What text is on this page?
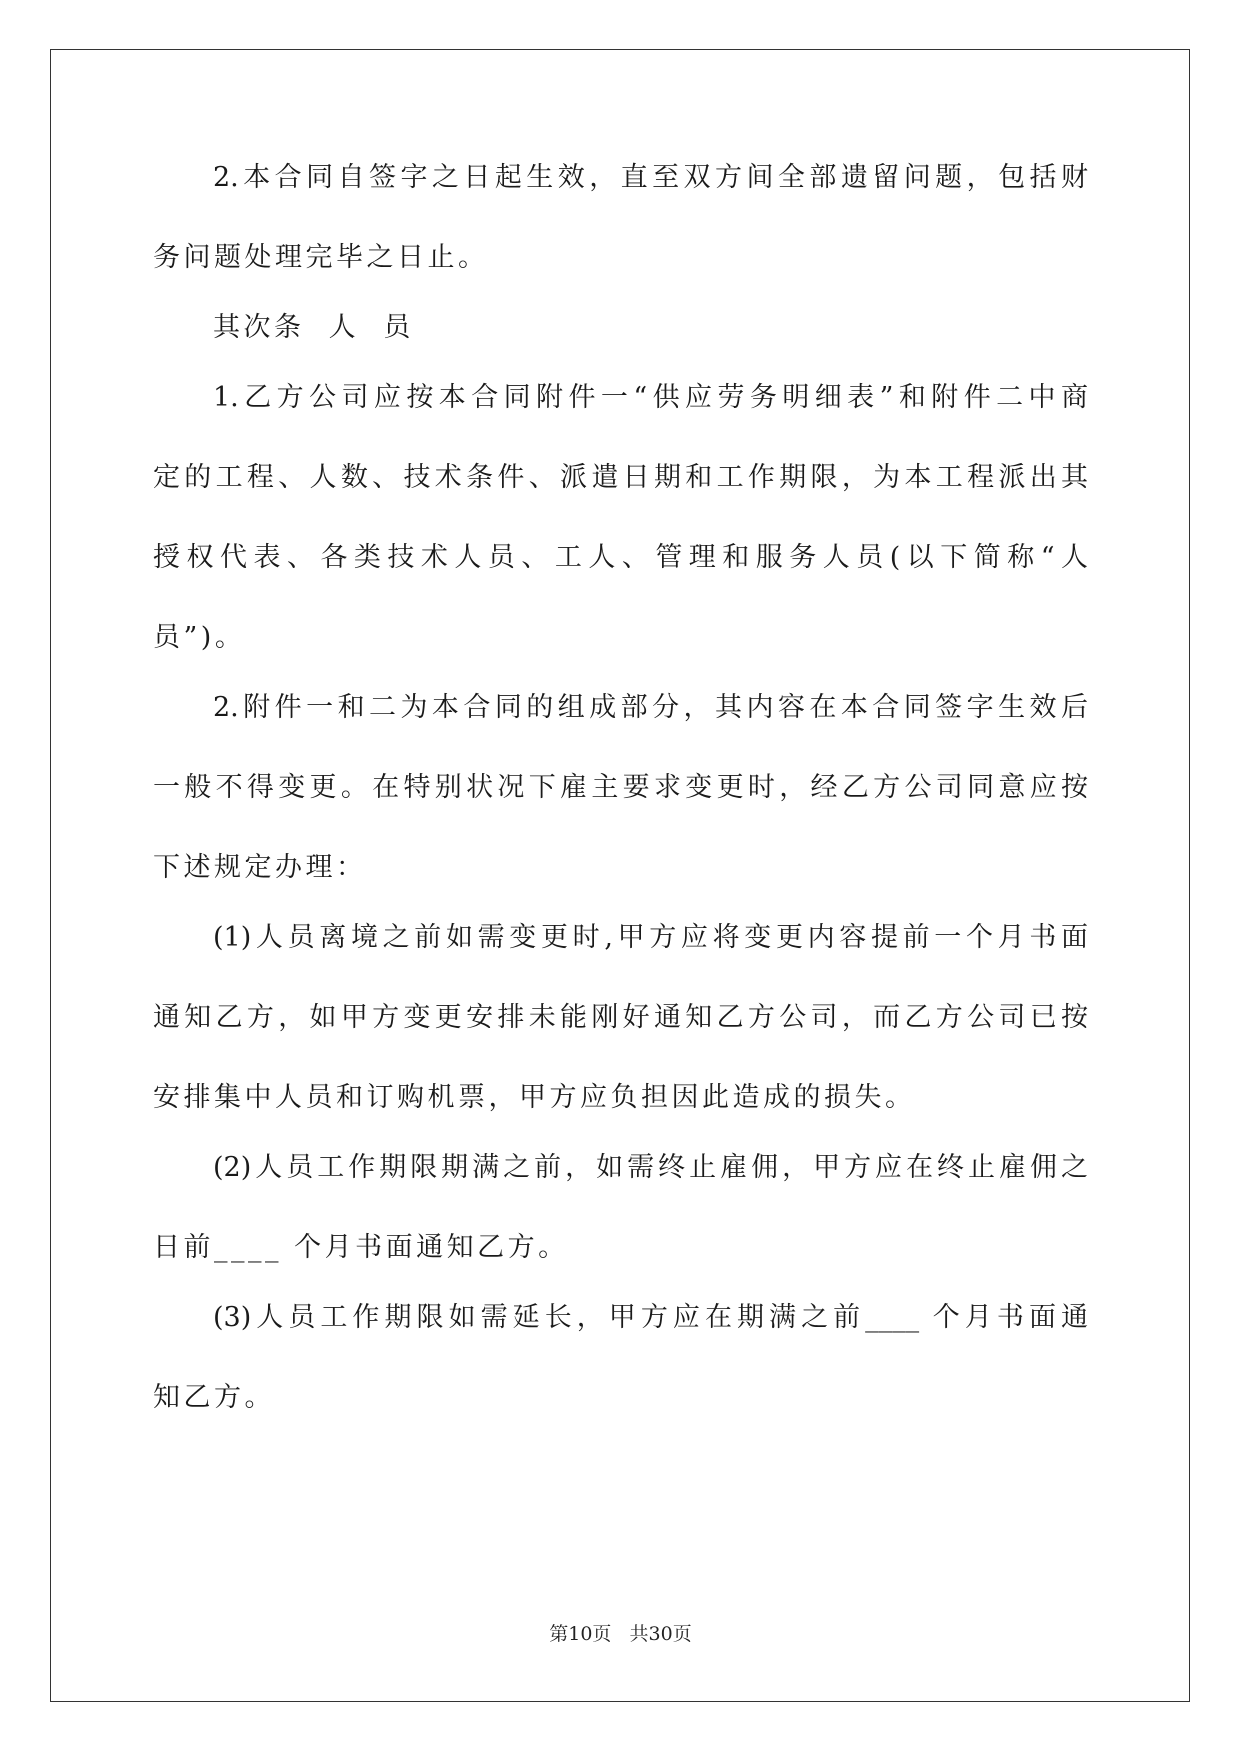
2.本合同自签字之日起生效，直至双方间全部遗留问题，包括财
务问题处理完毕之日止。
其次条  人  员
1.乙方公司应按本合同附件一“供应劳务明细表”和附件二中商
定的工程、人数、技术条件、派遣日期和工作期限，为本工程派出其
授权代表、各类技术人员、工人、管理和服务人员(以下简称“人
员”)。
2.附件一和二为本合同的组成部分，其内容在本合同签字生效后
一般不得变更。在特别状况下雇主要求变更时，经乙方公司同意应按
下述规定办理：
(1)人员离境之前如需变更时,甲方应将变更内容提前一个月书面
通知乙方，如甲方变更安排未能刚好通知乙方公司，而乙方公司已按
安排集中人员和订购机票，甲方应负担因此造成的损失。
(2)人员工作期限期满之前，如需终止雇佣，甲方应在终止雇佣之
日前____ 个月书面通知乙方。
(3)人员工作期限如需延长，甲方应在期满之前____ 个月书面通
知乙方。
第10页   共30页
